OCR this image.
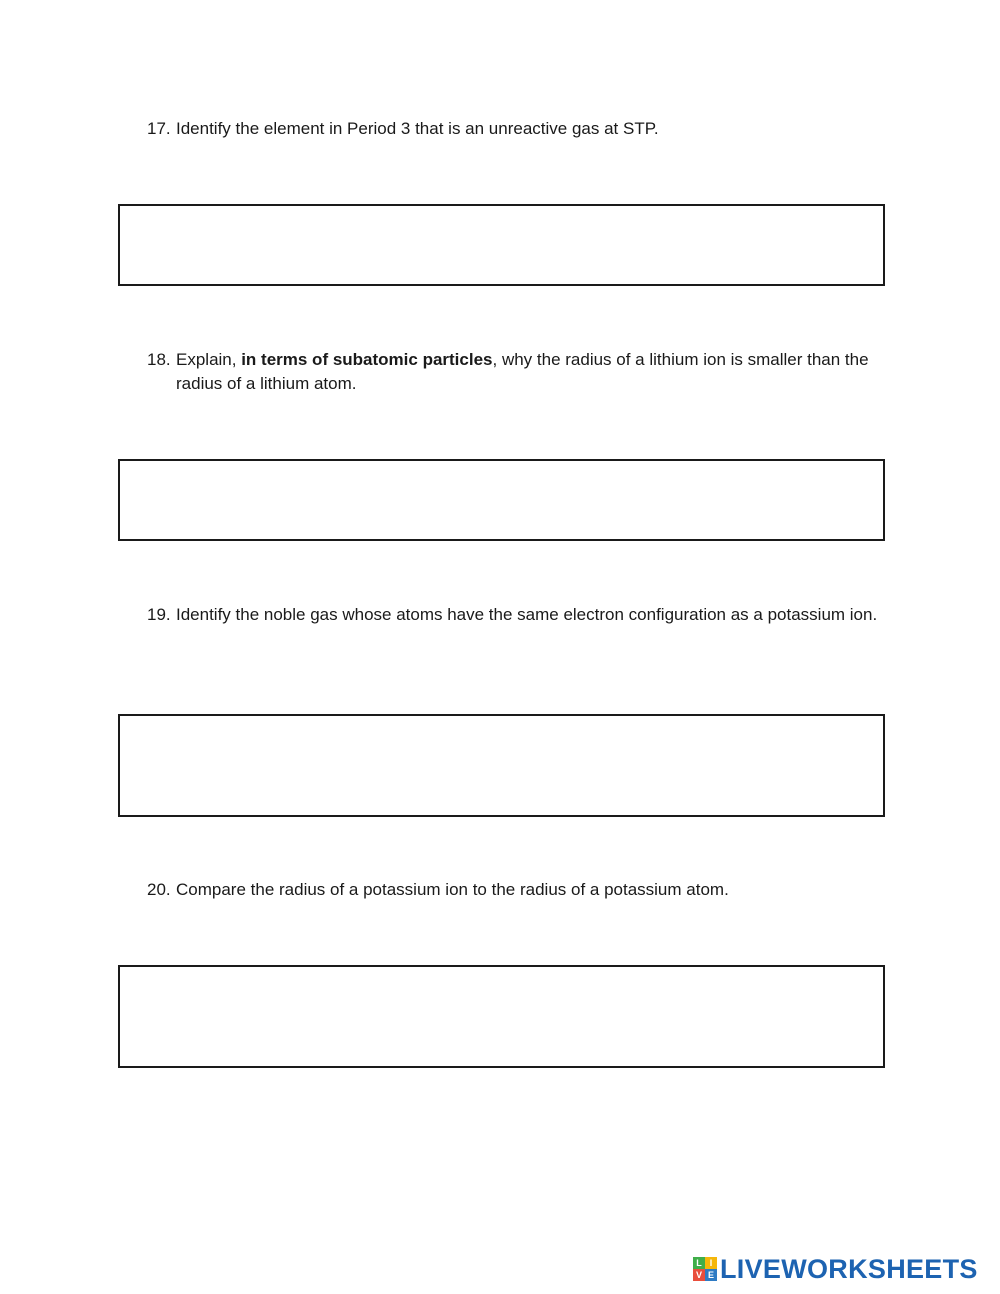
17. Identify the element in Period 3 that is an unreactive gas at STP.
18. Explain, in terms of subatomic particles, why the radius of a lithium ion is smaller than the radius of a lithium atom.
19. Identify the noble gas whose atoms have the same electron configuration as a potassium ion.
20. Compare the radius of a potassium ion to the radius of a potassium atom.
L I
V E LIVEWORKSHEETS
